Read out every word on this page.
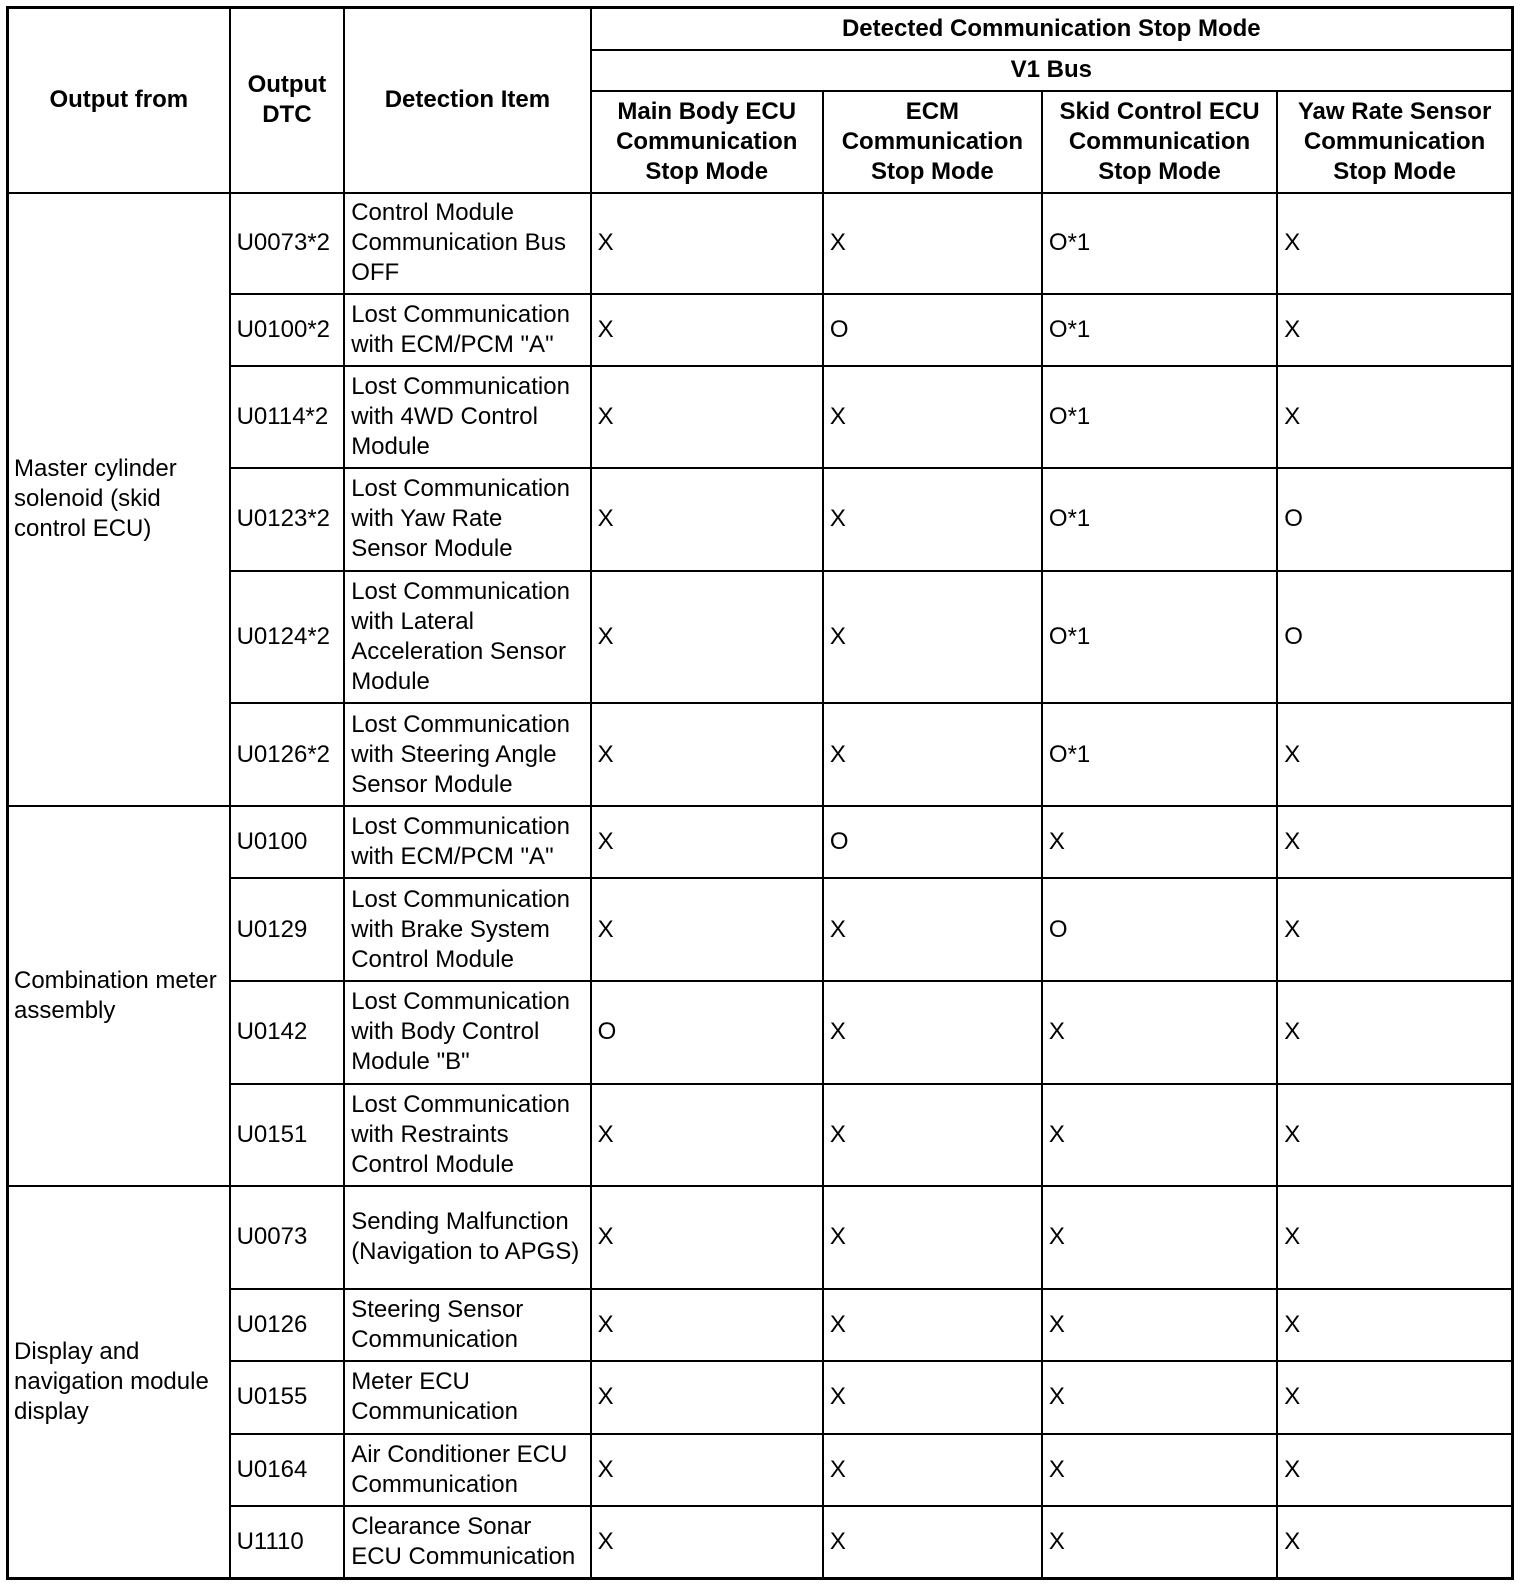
Output from	Output DTC	Detection Item	Detected Communication Stop Mode			
			V1 Bus			
			Main Body ECU Communication Stop Mode	ECM Communication Stop Mode	Skid Control ECU Communication Stop Mode	Yaw Rate Sensor Communication Stop Mode
Master cylinder solenoid (skid control ECU)	U0073*2	Control Module Communication Bus OFF	X	X	O*1	X
	U0100*2	Lost Communication with ECM/PCM "A"	X	O	O*1	X
	U0114*2	Lost Communication with 4WD Control Module	X	X	O*1	X
	U0123*2	Lost Communication with Yaw Rate Sensor Module	X	X	O*1	O
	U0124*2	Lost Communication with Lateral Acceleration Sensor Module	X	X	O*1	O
	U0126*2	Lost Communication with Steering Angle Sensor Module	X	X	O*1	X
Combination meter assembly	U0100	Lost Communication with ECM/PCM "A"	X	O	X	X
	U0129	Lost Communication with Brake System Control Module	X	X	O	X
	U0142	Lost Communication with Body Control Module "B"	O	X	X	X
	U0151	Lost Communication with Restraints Control Module	X	X	X	X
Display and navigation module display	U0073	Sending Malfunction (Navigation to APGS)	X	X	X	X
	U0126	Steering Sensor Communication	X	X	X	X
	U0155	Meter ECU Communication	X	X	X	X
	U0164	Air Conditioner ECU Communication	X	X	X	X
	U1110	Clearance Sonar ECU Communication	X	X	X	X
